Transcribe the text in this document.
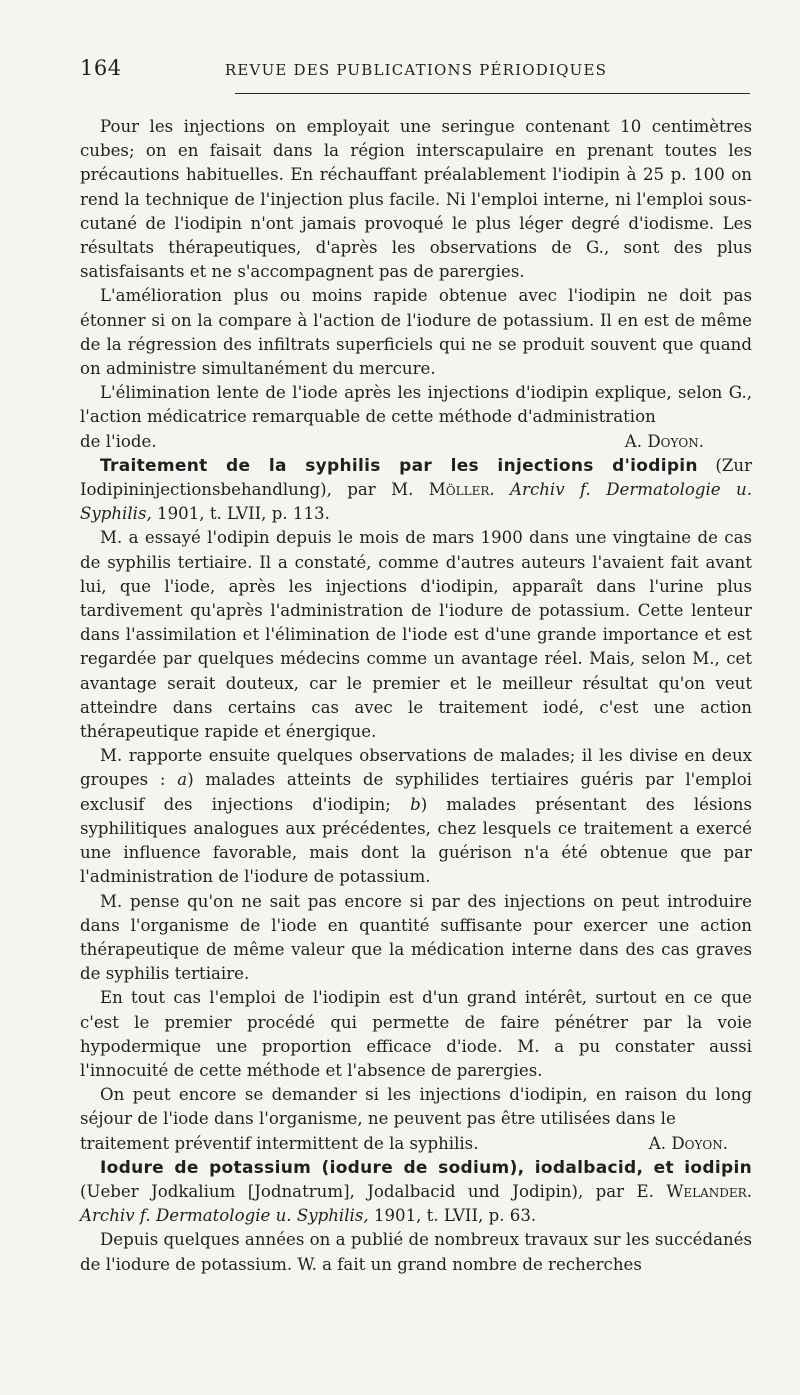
164	REVUE DES PUBLICATIONS PÉRIODIQUES

Pour les injections on employait une seringue contenant 10 centimètres cubes; on en faisait dans la région interscapulaire en prenant toutes les précautions habituelles. En réchauffant préalablement l'iodipin à 25 p. 100 on rend la technique de l'injection plus facile. Ni l'emploi interne, ni l'emploi sous-cutané de l'iodipin n'ont jamais provoqué le plus léger degré d'iodisme. Les résultats thérapeutiques, d'après les observations de G., sont des plus satisfaisants et ne s'accompagnent pas de parergies.

L'amélioration plus ou moins rapide obtenue avec l'iodipin ne doit pas étonner si on la compare à l'action de l'iodure de potassium. Il en est de même de la régression des infiltrats superficiels qui ne se produit souvent que quand on administre simultanément du mercure.

L'élimination lente de l'iode après les injections d'iodipin explique, selon G., l'action médicatrice remarquable de cette méthode d'administration

de l'iode.	A. Doyon.

Traitement de la syphilis par les injections d'iodipin (Zur Iodipininjectionsbehandlung), par M. Möller. Archiv f. Dermatologie u. Syphilis, 1901, t. LVII, p. 113.

M. a essayé l'odipin depuis le mois de mars 1900 dans une vingtaine de cas de syphilis tertiaire. Il a constaté, comme d'autres auteurs l'avaient fait avant lui, que l'iode, après les injections d'iodipin, apparaît dans l'urine plus tardivement qu'après l'administration de l'iodure de potassium. Cette lenteur dans l'assimilation et l'élimination de l'iode est d'une grande importance et est regardée par quelques médecins comme un avantage réel. Mais, selon M., cet avantage serait douteux, car le premier et le meilleur résultat qu'on veut atteindre dans certains cas avec le traitement iodé, c'est une action thérapeutique rapide et énergique.

M. rapporte ensuite quelques observations de malades; il les divise en deux groupes : a) malades atteints de syphilides tertiaires guéris par l'emploi exclusif des injections d'iodipin; b) malades présentant des lésions syphilitiques analogues aux précédentes, chez lesquels ce traitement a exercé une influence favorable, mais dont la guérison n'a été obtenue que par l'administration de l'iodure de potassium.

M. pense qu'on ne sait pas encore si par des injections on peut introduire dans l'organisme de l'iode en quantité suffisante pour exercer une action thérapeutique de même valeur que la médication interne dans des cas graves de syphilis tertiaire.

En tout cas l'emploi de l'iodipin est d'un grand intérêt, surtout en ce que c'est le premier procédé qui permette de faire pénétrer par la voie hypodermique une proportion efficace d'iode. M. a pu constater aussi l'innocuité de cette méthode et l'absence de parergies.

On peut encore se demander si les injections d'iodipin, en raison du long séjour de l'iode dans l'organisme, ne peuvent pas être utilisées dans le

traitement préventif intermittent de la syphilis.	A. Doyon.

Iodure de potassium (iodure de sodium), iodalbacid, et iodipin (Ueber Jodkalium [Jodnatrum], Jodalbacid und Jodipin), par E. Welander. Archiv f. Dermatologie u. Syphilis, 1901, t. LVII, p. 63.

Depuis quelques années on a publié de nombreux travaux sur les succédanés de l'iodure de potassium. W. a fait un grand nombre de recherches
